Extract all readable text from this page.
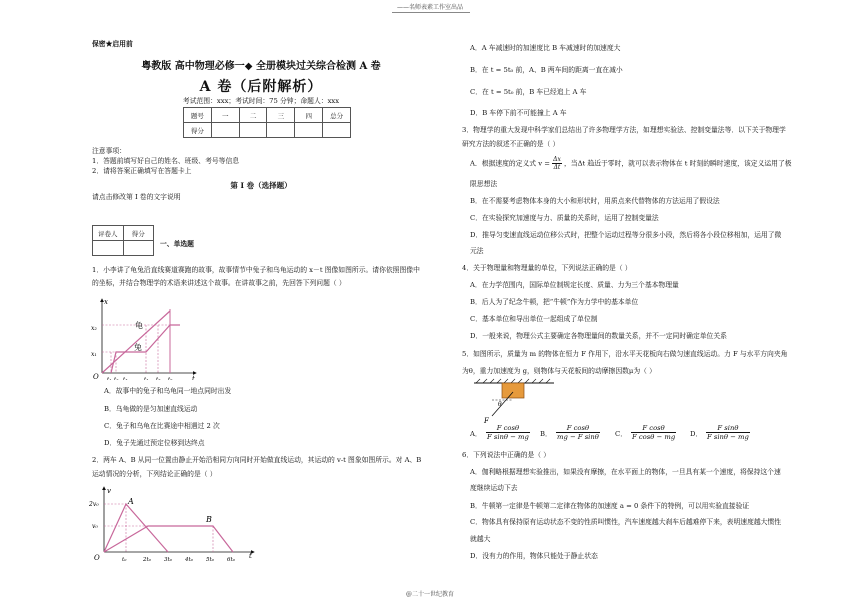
——名师表素工作室出品
保密★启用前
粤教版 高中物理必修一◆ 全册模块过关综合检测 A 卷
A 卷（后附解析）
考试范围：xxx；考试时间：75 分钟；命题人：xxx
题号	一	二	三	四	总分
得分					
注意事项：
1．答题前填写好自己的姓名、班级、考号等信息
2．请将答案正确填写在答题卡上
第 I 卷（选择题）
请点击修改第 I 卷的文字说明
评卷人	得分

一、单选题
1．小李讲了龟兔沿直线赛道赛跑的故事，故事情节中兔子和乌龟运动的 x－t 图像如图所示。请你依照图像中
的坐标，并结合物理学的术语来讲述这个故事。在讲故事之前，先回答下列问题（ ）
x
t
O
x₂
x₁
龟
兔
t₁ t₂ t₃	t₄ t₅ t₆
A．故事中的兔子和乌龟同一地点同时出发
B．乌龟做的是匀加速直线运动
C．兔子和乌龟在比赛途中相遇过 2 次
D．兔子先通过预定位移到达终点
2．两车 A、B 从同一位置由静止开始沿相同方向同时开始做直线运动，其运动的 v-t 图象如图所示。对 A、B
运动情况的分析，下列结论正确的是（ ）
v
t
O
2v₀
v₀
A
B
t₀	2t₀ 3t₀ 4t₀ 5t₀ 6t₀
A．A 车减速时的加速度比 B 车减速时的加速度大
B．在 t = 5t₀ 前，A、B 两车间的距离一直在减小
C．在 t = 5t₀ 前，B 车已经追上 A 车
D．B 车停下前不可能撞上 A 车
3．物理学的重大发现中科学家们总结出了许多物理学方法，如理想实验法、控制变量法等．以下关于物理学
研究方法的叙述不正确的是（ ）
A．根据速度的定义式 $v = \frac{\Delta x}{\Delta t}$ ，当Δt 趋近于零时，就可以表示物体在 t 时刻的瞬时速度，该定义运用了极
限思想法
B．在不需要考虑物体本身的大小和形状时，用质点来代替物体的方法运用了假设法
C．在实验探究加速度与力、质量的关系时，运用了控制变量法
D．推导匀变速直线运动位移公式时，把整个运动过程等分很多小段，然后将各小段位移相加，运用了微
元法
4．关于物理量和物理量的单位，下列说法正确的是（ ）
A．在力学范围内，国际单位制规定长度、质量、力为三个基本物理量
B．后人为了纪念牛顿，把“牛顿”作为力学中的基本单位
C．基本单位和导出单位一起组成了单位制
D．一般来说，物理公式主要确定各物理量间的数量关系，并不一定同时确定单位关系
5．如图所示，质量为 m 的物体在恒力 F 作用下，沿水平天花板向右做匀速直线运动。力 F 与水平方向夹角
为θ，重力加速度为 g，则物体与天花板间的动摩擦因数μ为（ ）
θ
F
A． $\frac{\text{F cosθ}}{\text{F sinθ − mg}}$ B． $\frac{\text{F cosθ}}{\text{mg − F sinθ}}$ C． $\frac{\text{F cosθ}}{\text{F cosθ − mg}}$ D． $\frac{\text{F sinθ}}{\text{F sinθ − mg}}$
6．下列说法中正确的是（ ）
A．伽利略根据理想实验推出，如果没有摩擦，在水平面上的物体，一旦具有某一个速度，将保持这个速
度继续运动下去
B．牛顿第一定律是牛顿第二定律在物体的加速度 a = 0 条件下的特例，可以用实验直接验证
C．物体具有保持原有运动状态不变的性质叫惯性，汽车速度越大刹车后越难停下来，表明速度越大惯性
就越大
D．没有力的作用，物体只能处于静止状态
@二十一世纪教育
